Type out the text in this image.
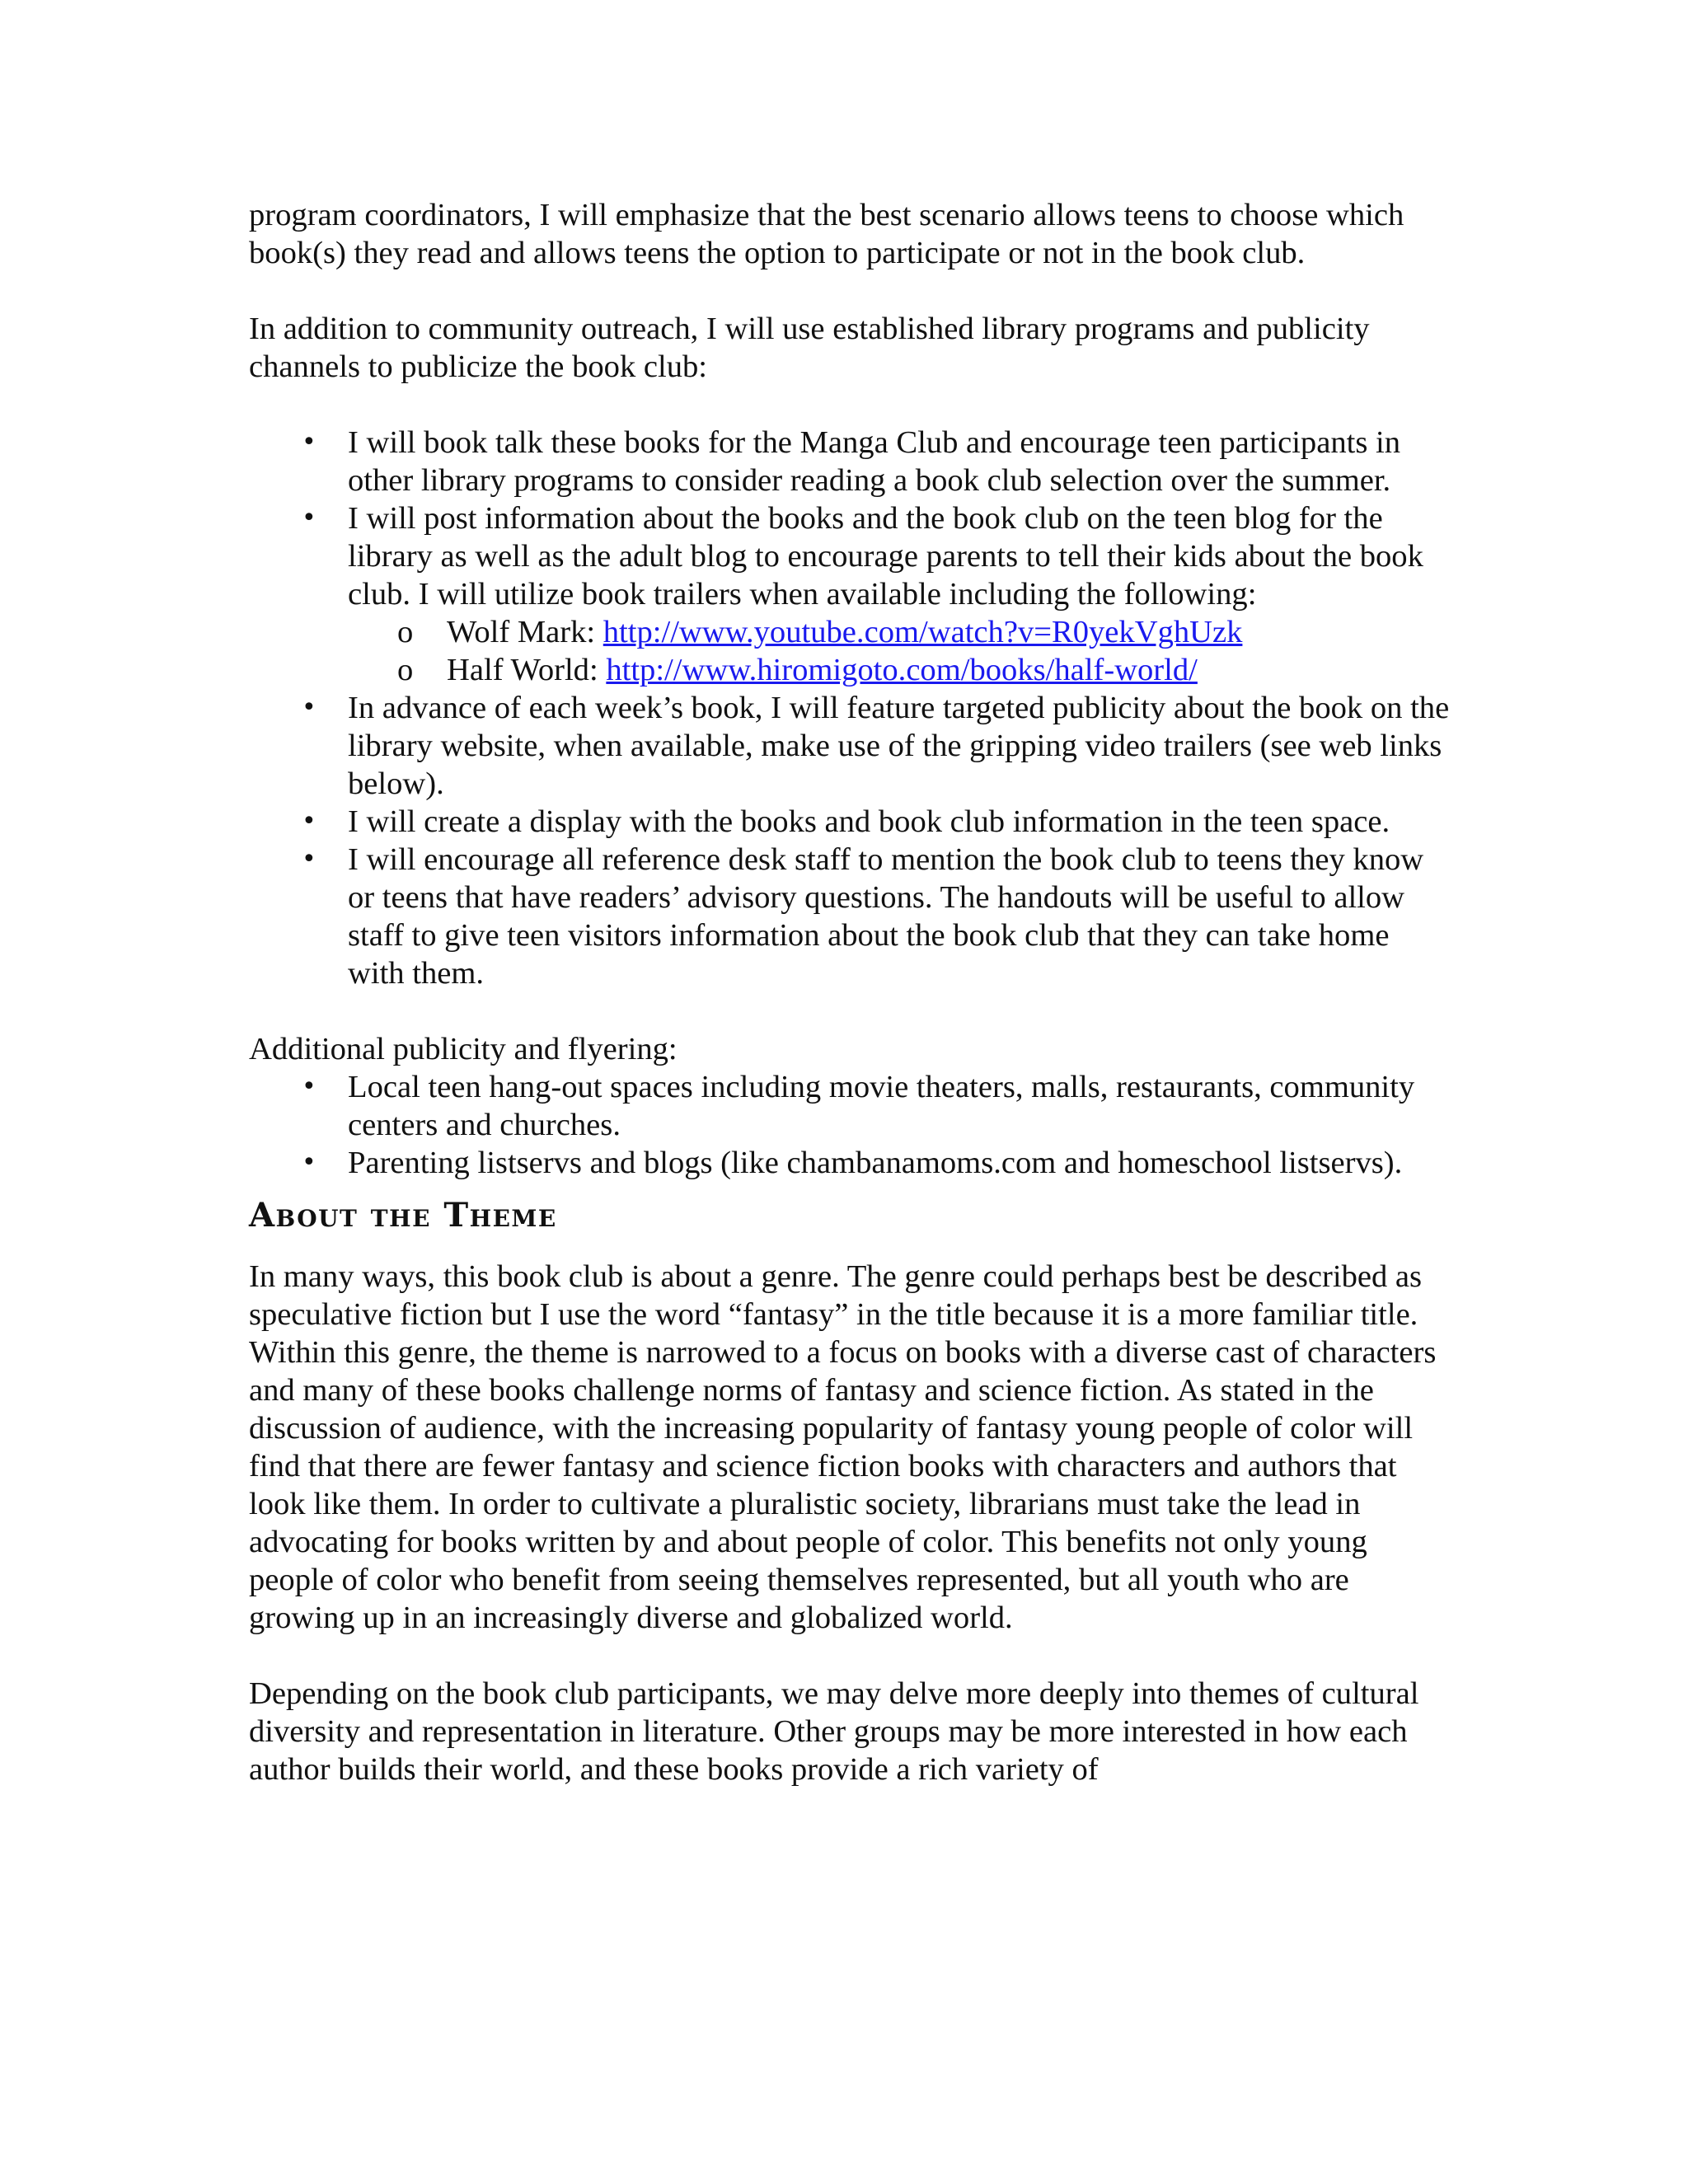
program coordinators, I will emphasize that the best scenario allows teens to choose which book(s) they read and allows teens the option to participate or not in the book club.

In addition to community outreach, I will use established library programs and publicity channels to publicize the book club:

• I will book talk these books for the Manga Club and encourage teen participants in other library programs to consider reading a book club selection over the summer.
• I will post information about the books and the book club on the teen blog for the library as well as the adult blog to encourage parents to tell their kids about the book club. I will utilize book trailers when available including the following:
o Wolf Mark: http://www.youtube.com/watch?v=R0yekVghUzk
o Half World: http://www.hiromigoto.com/books/half-world/
• In advance of each week’s book, I will feature targeted publicity about the book on the library website, when available, make use of the gripping video trailers (see web links below).
• I will create a display with the books and book club information in the teen space.
• I will encourage all reference desk staff to mention the book club to teens they know or teens that have readers’ advisory questions. The handouts will be useful to allow staff to give teen visitors information about the book club that they can take home with them.

Additional publicity and flyering:

• Local teen hang-out spaces including movie theaters, malls, restaurants, community centers and churches.
• Parenting listservs and blogs (like chambanamoms.com and homeschool listservs).
About the Theme

In many ways, this book club is about a genre. The genre could perhaps best be described as speculative fiction but I use the word “fantasy” in the title because it is a more familiar title. Within this genre, the theme is narrowed to a focus on books with a diverse cast of characters and many of these books challenge norms of fantasy and science fiction. As stated in the discussion of audience, with the increasing popularity of fantasy young people of color will find that there are fewer fantasy and science fiction books with characters and authors that look like them. In order to cultivate a pluralistic society, librarians must take the lead in advocating for books written by and about people of color. This benefits not only young people of color who benefit from seeing themselves represented, but all youth who are growing up in an increasingly diverse and globalized world.

Depending on the book club participants, we may delve more deeply into themes of cultural diversity and representation in literature. Other groups may be more interested in how each author builds their world, and these books provide a rich variety of
